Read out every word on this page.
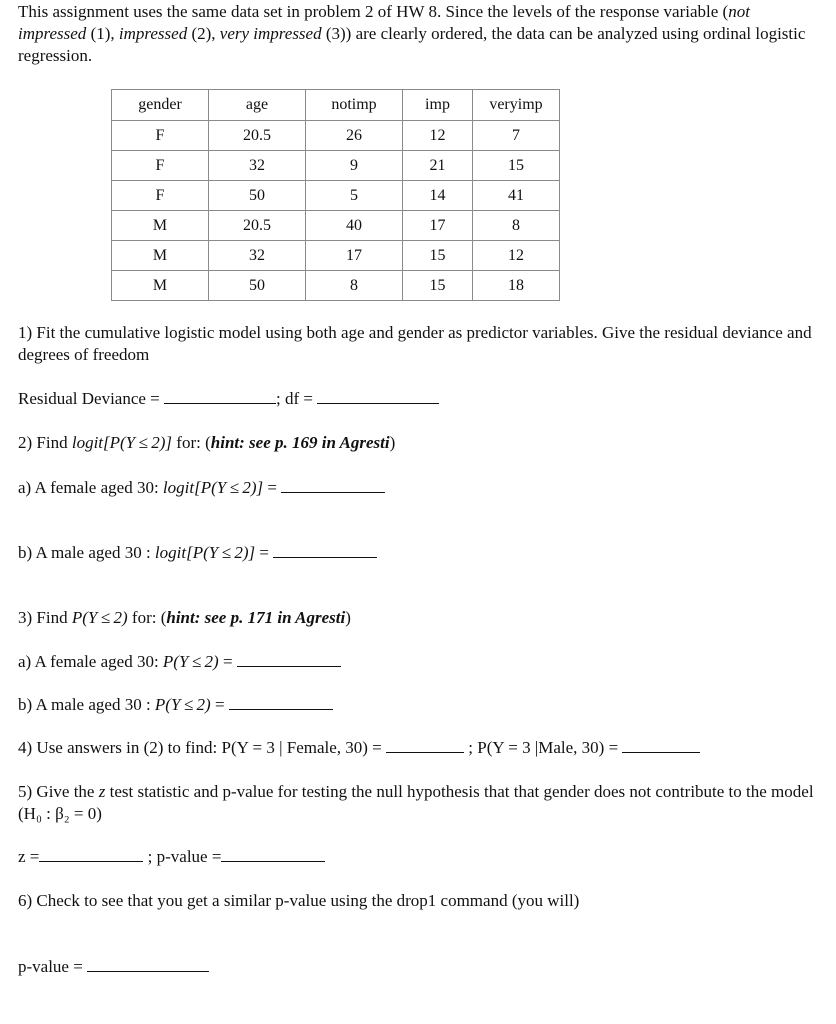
This assignment uses the same data set in problem 2 of HW 8. Since the levels of the response variable (not impressed (1), impressed (2), very impressed (3)) are clearly ordered, the data can be analyzed using ordinal logistic regression.
gender	age	notimp	imp	veryimp
F	20.5	26	12	7
F	32	9	21	15
F	50	5	14	41
M	20.5	40	17	8
M	32	17	15	12
M	50	8	15	18
1) Fit the cumulative logistic model using both age and gender as predictor variables. Give the residual deviance and degrees of freedom
Residual Deviance =	; df =
2) Find logit[P(Y ≤ 2)] for: (hint: see p. 169 in Agresti)
a) A female aged 30: logit[P(Y ≤ 2)] =
b) A male aged 30 : logit[P(Y ≤ 2)] =
3) Find P(Y ≤ 2) for: (hint: see p. 171 in Agresti)
a) A female aged 30: P(Y ≤ 2) =
b) A male aged 30 : P(Y ≤ 2) =
4) Use answers in (2) to find: P(Y = 3 | Female, 30) =	; P(Y = 3 |Male, 30) =
5) Give the z test statistic and p-value for testing the null hypothesis that that gender does not contribute to the model (H₀ : β₂ = 0)
z =	; p-value =
6) Check to see that you get a similar p-value using the drop1 command (you will)
p-value =
